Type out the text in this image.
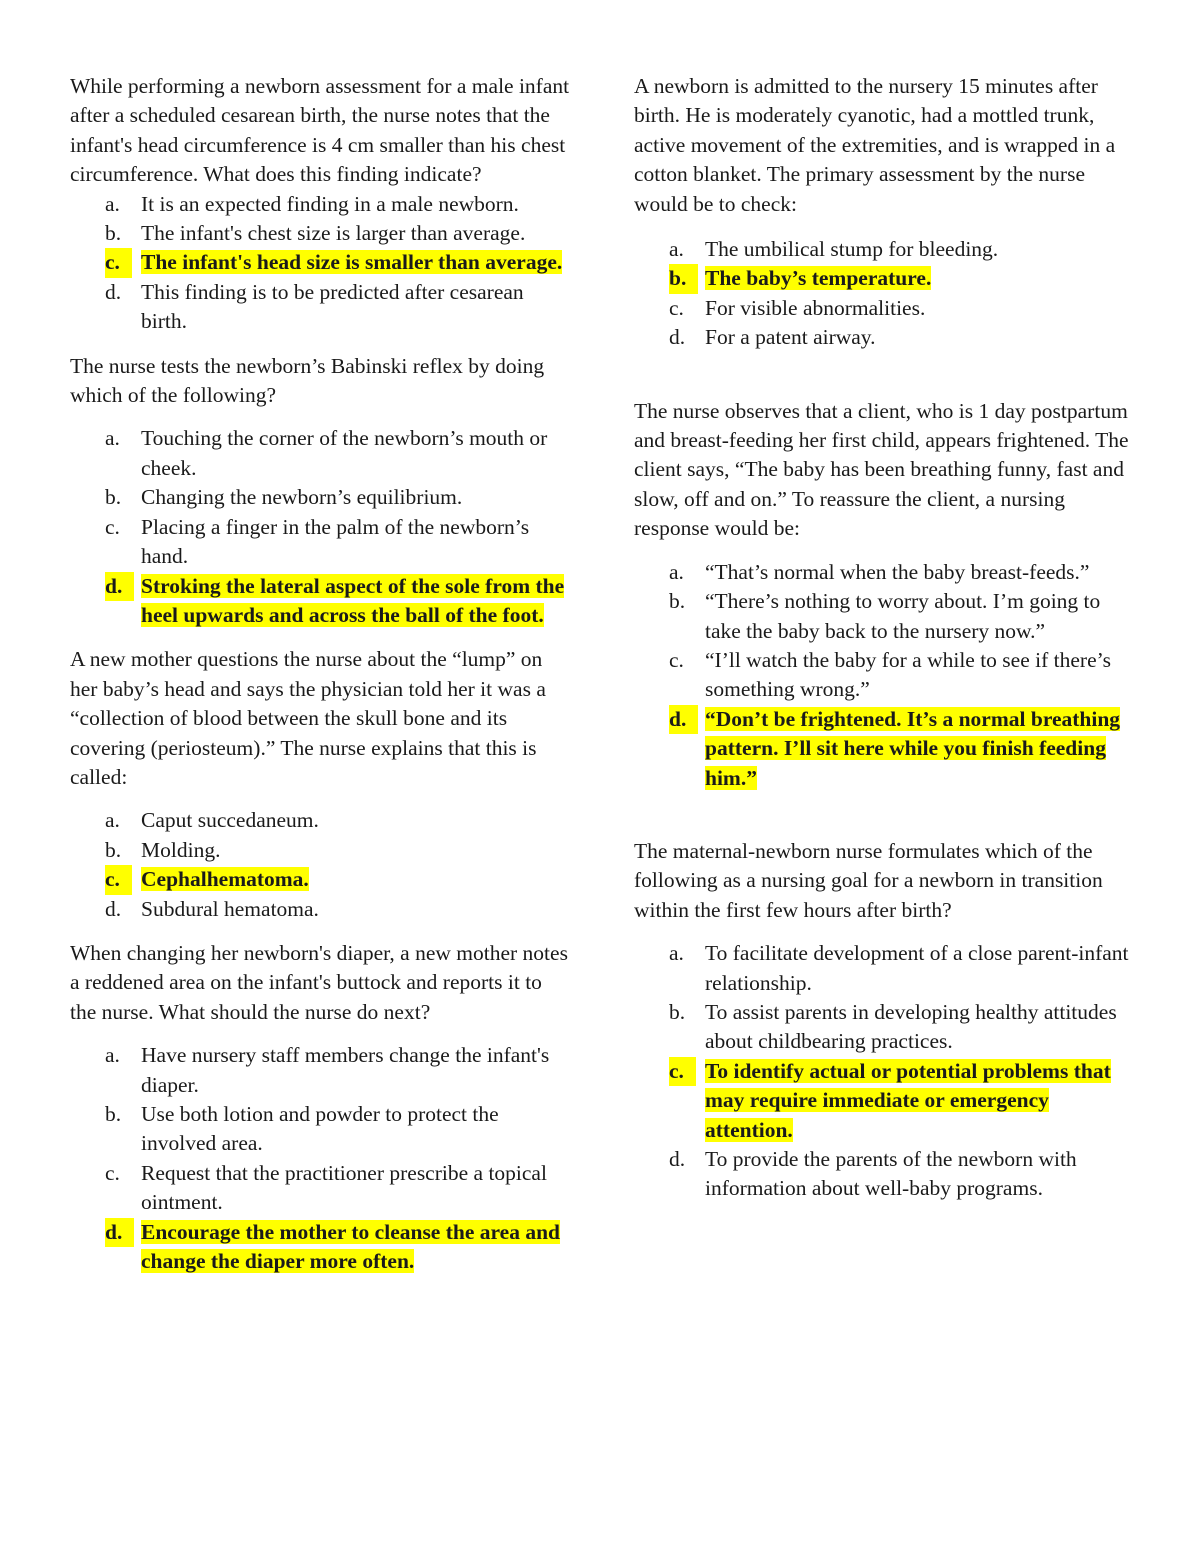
While performing a newborn assessment for a male infant after a scheduled cesarean birth, the nurse notes that the infant's head circumference is 4 cm smaller than his chest circumference. What does this finding indicate?

a. It is an expected finding in a male newborn.
b. The infant's chest size is larger than average.
c. The infant's head size is smaller than average.
d. This finding is to be predicted after cesarean birth.

The nurse tests the newborn’s Babinski reflex by doing which of the following?

a. Touching the corner of the newborn’s mouth or cheek.
b. Changing the newborn’s equilibrium.
c. Placing a finger in the palm of the newborn’s hand.
d. Stroking the lateral aspect of the sole from the heel upwards and across the ball of the foot.

A new mother questions the nurse about the “lump” on her baby’s head and says the physician told her it was a “collection of blood between the skull bone and its covering (periosteum).” The nurse explains that this is called:

a. Caput succedaneum.
b. Molding.
c. Cephalhematoma.
d. Subdural hematoma.

When changing her newborn's diaper, a new mother notes a reddened area on the infant's buttock and reports it to the nurse. What should the nurse do next?

a. Have nursery staff members change the infant's diaper.
b. Use both lotion and powder to protect the involved area.
c. Request that the practitioner prescribe a topical ointment.
d. Encourage the mother to cleanse the area and change the diaper more often.

A newborn is admitted to the nursery 15 minutes after birth. He is moderately cyanotic, had a mottled trunk, active movement of the extremities, and is wrapped in a cotton blanket. The primary assessment by the nurse would be to check:

a. The umbilical stump for bleeding.
b. The baby’s temperature.
c. For visible abnormalities.
d. For a patent airway.

The nurse observes that a client, who is 1 day postpartum and breast-feeding her first child, appears frightened. The client says, “The baby has been breathing funny, fast and slow, off and on.” To reassure the client, a nursing response would be:

a. “That’s normal when the baby breast-feeds.”
b. “There’s nothing to worry about. I’m going to take the baby back to the nursery now.”
c. “I’ll watch the baby for a while to see if there’s something wrong.”
d. “Don’t be frightened. It’s a normal breathing pattern. I’ll sit here while you finish feeding him.”

The maternal-newborn nurse formulates which of the following as a nursing goal for a newborn in transition within the first few hours after birth?

a. To facilitate development of a close parent-infant relationship.
b. To assist parents in developing healthy attitudes about childbearing practices.
c. To identify actual or potential problems that may require immediate or emergency attention.
d. To provide the parents of the newborn with information about well-baby programs.
